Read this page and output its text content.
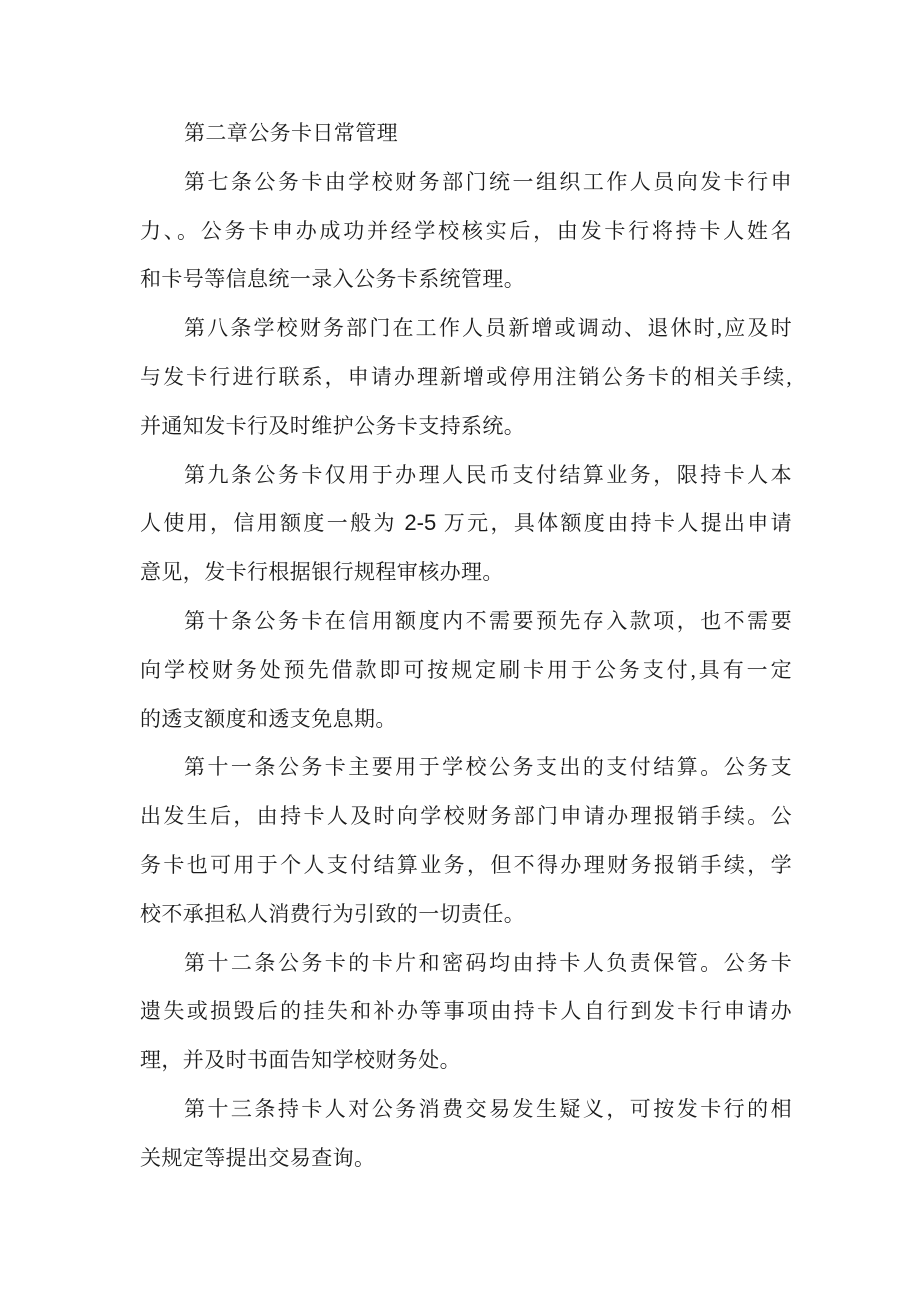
第二章公务卡日常管理
第七条公务卡由学校财务部门统一组织工作人员向发卡行申
力、。公务卡申办成功并经学校核实后，由发卡行将持卡人姓名
和卡号等信息统一录入公务卡系统管理。
第八条学校财务部门在工作人员新增或调动、退休时,应及时
与发卡行进行联系，申请办理新增或停用注销公务卡的相关手续,
并通知发卡行及时维护公务卡支持系统。
第九条公务卡仅用于办理人民币支付结算业务，限持卡人本
人使用，信用额度一般为 2-5 万元，具体额度由持卡人提出申请
意见，发卡行根据银行规程审核办理。
第十条公务卡在信用额度内不需要预先存入款项，也不需要
向学校财务处预先借款即可按规定刷卡用于公务支付,具有一定
的透支额度和透支免息期。
第十一条公务卡主要用于学校公务支出的支付结算。公务支
出发生后，由持卡人及时向学校财务部门申请办理报销手续。公
务卡也可用于个人支付结算业务，但不得办理财务报销手续，学
校不承担私人消费行为引致的一切责任。
第十二条公务卡的卡片和密码均由持卡人负责保管。公务卡
遗失或损毁后的挂失和补办等事项由持卡人自行到发卡行申请办
理，并及时书面告知学校财务处。
第十三条持卡人对公务消费交易发生疑义，可按发卡行的相
关规定等提出交易查询。
